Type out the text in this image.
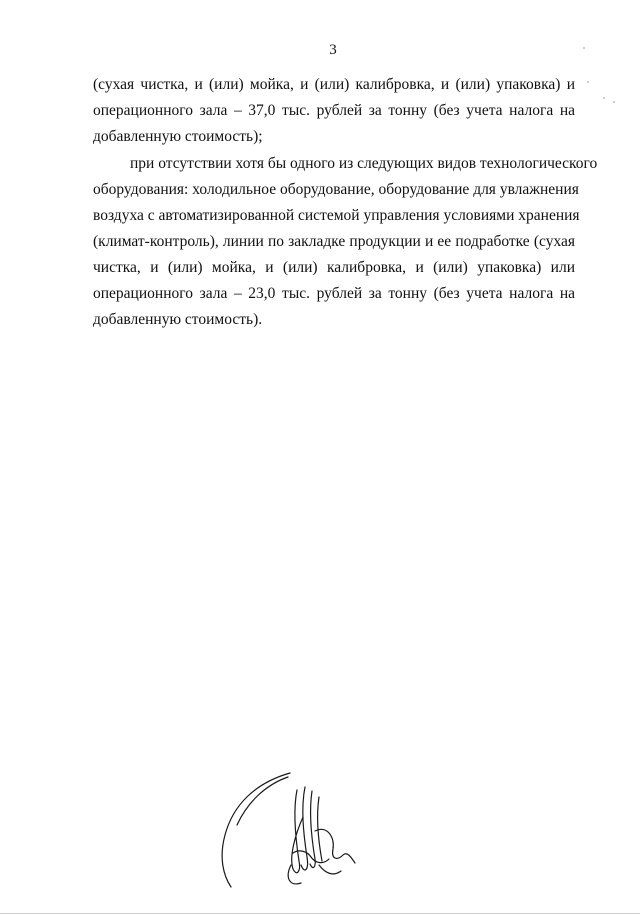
3
(сухая чистка, и (или) мойка, и (или) калибровка, и (или) упаковка) и
операционного зала – 37,0 тыс. рублей за тонну (без учета налога на
добавленную стоимость);
при отсутствии хотя бы одного из следующих видов технологического
оборудования: холодильное оборудование, оборудование для увлажнения
воздуха с автоматизированной системой управления условиями хранения
(климат-контроль), линии по закладке продукции и ее подработке (сухая
чистка, и (или) мойка, и (или) калибровка, и (или) упаковка) или
операционного зала – 23,0 тыс. рублей за тонну (без учета налога на
добавленную стоимость).
